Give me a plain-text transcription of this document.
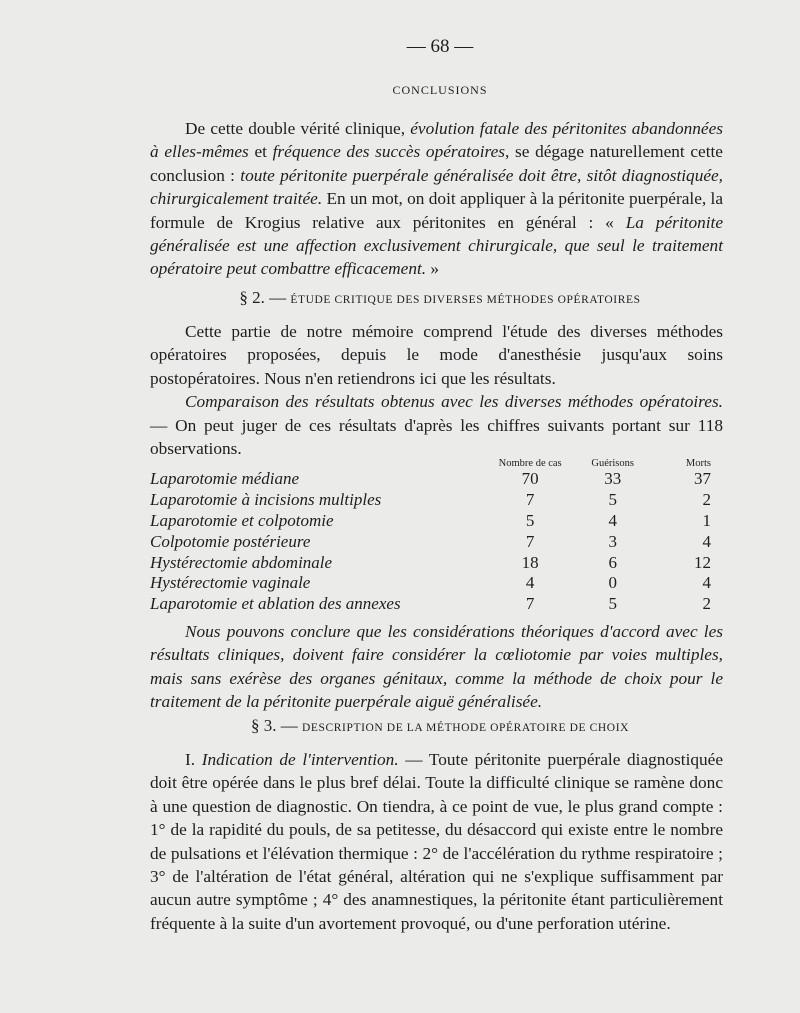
— 68 —
CONCLUSIONS

De cette double vérité clinique, évolution fatale des péritonites abandonnées à elles-mêmes et fréquence des succès opératoires, se dégage naturellement cette conclusion : toute péritonite puerpérale généralisée doit être, sitôt diagnostiquée, chirurgicalement traitée. En un mot, on doit appliquer à la péritonite puerpérale, la formule de Krogius relative aux péritonites en général : « La péritonite généralisée est une affection exclusivement chirurgicale, que seul le traitement opératoire peut combattre efficacement. »

§ 2. — ÉTUDE CRITIQUE DES DIVERSES MÉTHODES OPÉRATOIRES

Cette partie de notre mémoire comprend l'étude des diverses méthodes opératoires proposées, depuis le mode d'anesthésie jusqu'aux soins postopératoires. Nous n'en retiendrons ici que les résultats.

Comparaison des résultats obtenus avec les diverses méthodes opératoires. — On peut juger de ces résultats d'après les chiffres suivants portant sur 118 observations.

	Nombre de cas	Guérisons	Morts
Laparotomie médiane	70	33	37
Laparotomie à incisions multiples	7	5	2
Laparotomie et colpotomie	5	4	1
Colpotomie postérieure	7	3	4
Hystérectomie abdominale	18	6	12
Hystérectomie vaginale	4	0	4
Laparotomie et ablation des annexes	7	5	2

Nous pouvons conclure que les considérations théoriques d'accord avec les résultats cliniques, doivent faire considérer la cœliotomie par voies multiples, mais sans exérèse des organes génitaux, comme la méthode de choix pour le traitement de la péritonite puerpérale aiguë généralisée.

§ 3. — DESCRIPTION DE LA MÉTHODE OPÉRATOIRE DE CHOIX

I. Indication de l'intervention. — Toute péritonite puerpérale diagnostiquée doit être opérée dans le plus bref délai. Toute la difficulté clinique se ramène donc à une question de diagnostic. On tiendra, à ce point de vue, le plus grand compte : 1° de la rapidité du pouls, de sa petitesse, du désaccord qui existe entre le nombre de pulsations et l'élévation thermique : 2° de l'accélération du rythme respiratoire ; 3° de l'altération de l'état général, altération qui ne s'explique suffisamment par aucun autre symptôme ; 4° des anamnestiques, la péritonite étant particulièrement fréquente à la suite d'un avortement provoqué, ou d'une perforation utérine.
